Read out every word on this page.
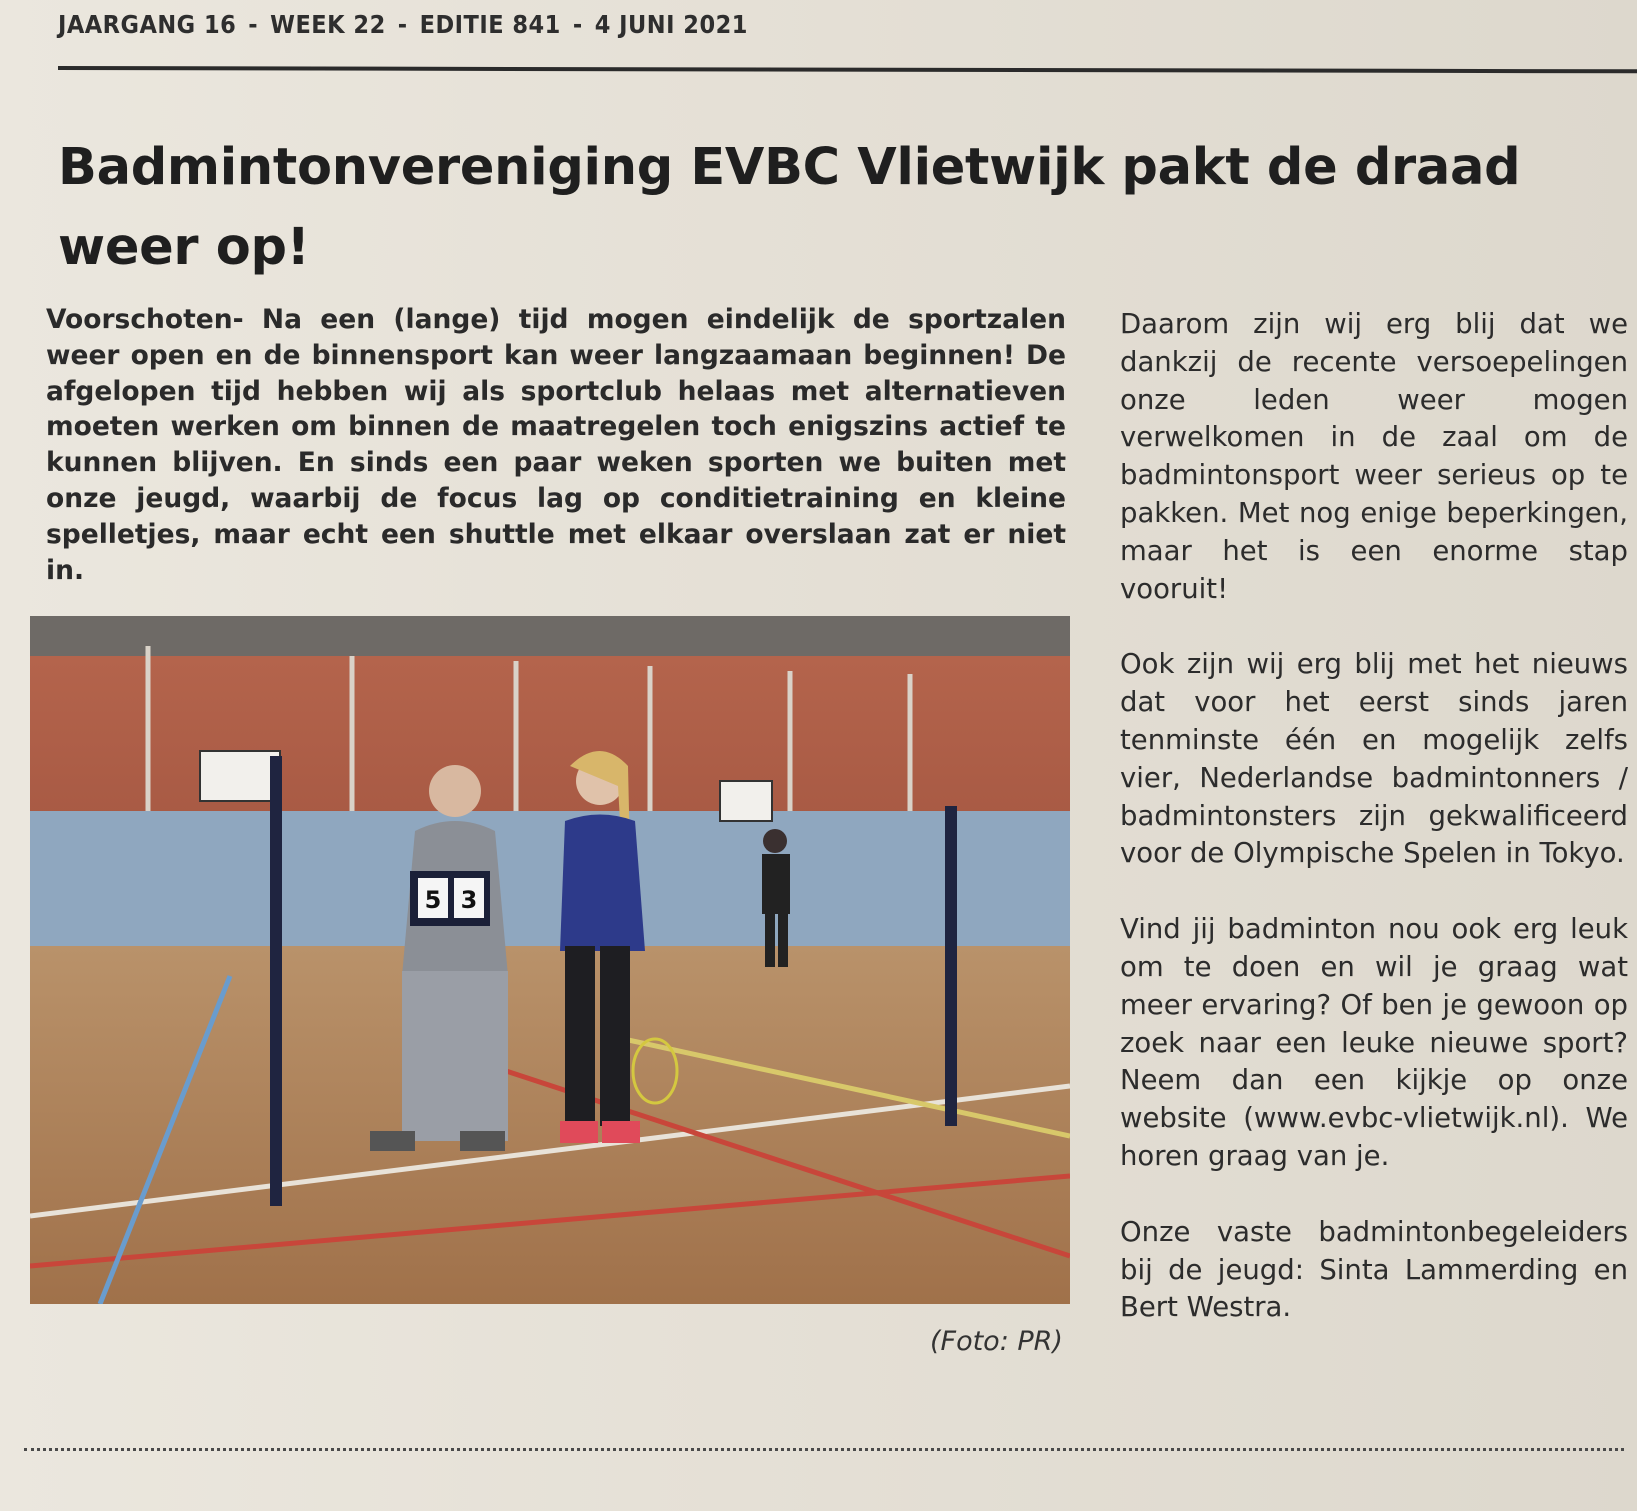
JAARGANG 16 - WEEK 22 - EDITIE 841 - 4 JUNI 2021
Badmintonvereniging EVBC Vlietwijk pakt de draad weer op!

Voorschoten- Na een (lange) tijd mogen eindelijk de sportzalen weer open en de binnensport kan weer langzaamaan beginnen! De afgelopen tijd hebben wij als sportclub helaas met alternatieven moeten werken om binnen de maatregelen toch enigszins actief te kunnen blijven. En sinds een paar weken sporten we buiten met onze jeugd, waarbij de focus lag op conditietraining en kleine spelletjes, maar echt een shuttle met elkaar overslaan zat er niet in.

5 3
(Foto: PR)

Daarom zijn wij erg blij dat we dankzij de recente versoepelingen onze leden weer mogen verwelkomen in de zaal om de badmintonsport weer serieus op te pakken. Met nog enige beperkingen, maar het is een enorme stap vooruit!

Ook zijn wij erg blij met het nieuws dat voor het eerst sinds jaren tenminste één en mogelijk zelfs vier, Nederlandse badmintonners / badmintonsters zijn gekwalificeerd voor de Olympische Spelen in Tokyo.

Vind jij badminton nou ook erg leuk om te doen en wil je graag wat meer ervaring? Of ben je gewoon op zoek naar een leuke nieuwe sport? Neem dan een kijkje op onze website (www.evbc-vlietwijk.nl). We horen graag van je.

Onze vaste badmintonbegeleiders bij de jeugd: Sinta Lammerding en Bert Westra.
